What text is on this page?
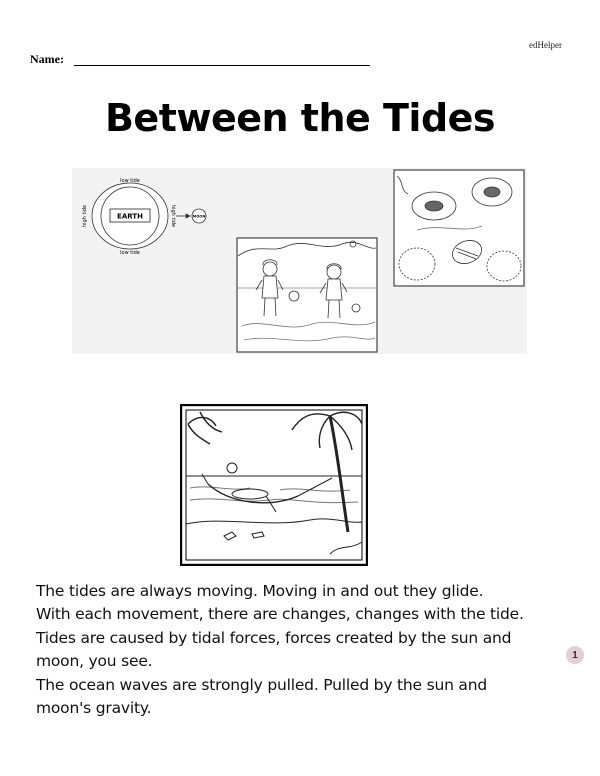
edHelper
Name:
Between the Tides
low tide
low tide
high tide	high tide
EARTH	MOON
The tides are always moving. Moving in and out they glide.
With each movement, there are changes, changes with the tide.
Tides are caused by tidal forces, forces created by the sun and
moon, you see.
The ocean waves are strongly pulled. Pulled by the sun and
moon's gravity.
1
